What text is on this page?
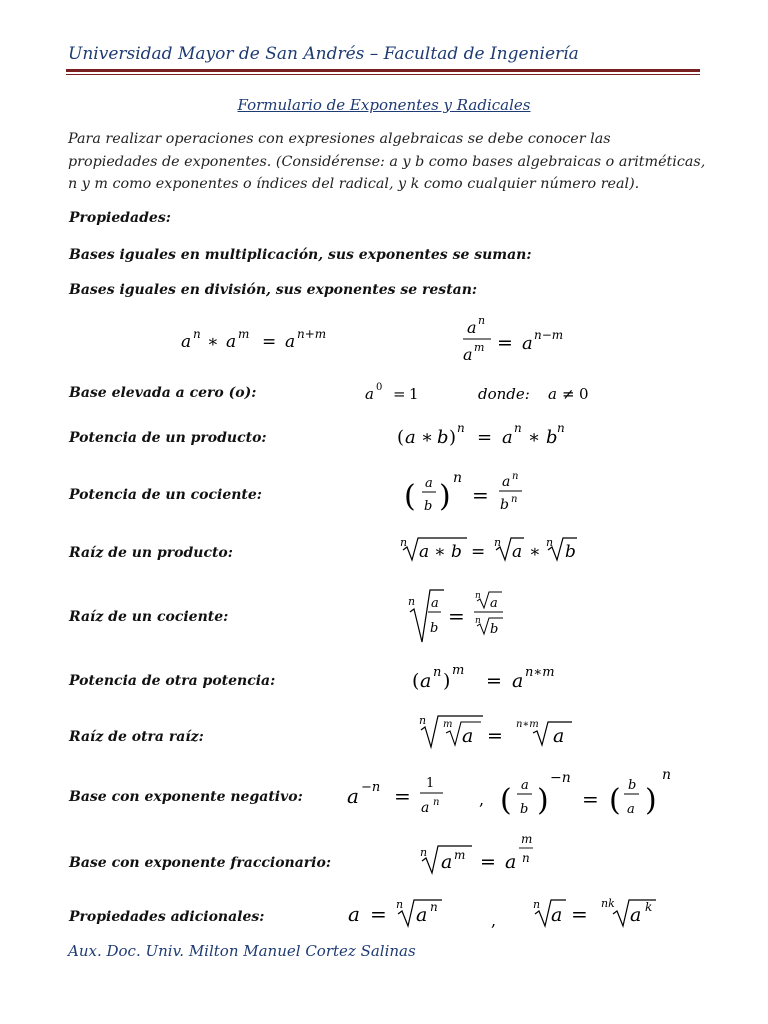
Universidad Mayor de San Andrés – Facultad de Ingeniería
Formulario de Exponentes y Radicales
Para realizar operaciones con expresiones algebraicas se debe conocer las
propiedades de exponentes. (Considérense: a y b como bases algebraicas o aritméticas,
n y m como exponentes o índices del radical, y k como cualquier número real).
Propiedades:
Bases iguales en multiplicación, sus exponentes se suman:
Bases iguales en división, sus exponentes se restan:
Base elevada a cero (o):
Potencia de un producto:
Potencia de un cociente:
Raíz de un producto:
Raíz de un cociente:
Potencia de otra potencia:
Raíz de otra raíz:
Base con exponente negativo:
Base con exponente fraccionario:
Propiedades adicionales:
Aux. Doc. Univ. Milton Manuel Cortez Salinas
a n ∗ a m = a n+m	a n
a m = a n−m
a 0 = 1	donde: a ≠ 0
( a ∗ b ) n = a n ∗ b n
( a
b )
n
=
a n
b n
n a ∗ b = n a ∗ n b
n a
b
=
n a
n
b
( a n ) m = a n∗m
n m
a =
n∗m
a
a −n =
1
a n , ( a
b )
−n
= ( b
a )
n
n a m = a
m
n
a = n a n
,
n a = nk
a k
